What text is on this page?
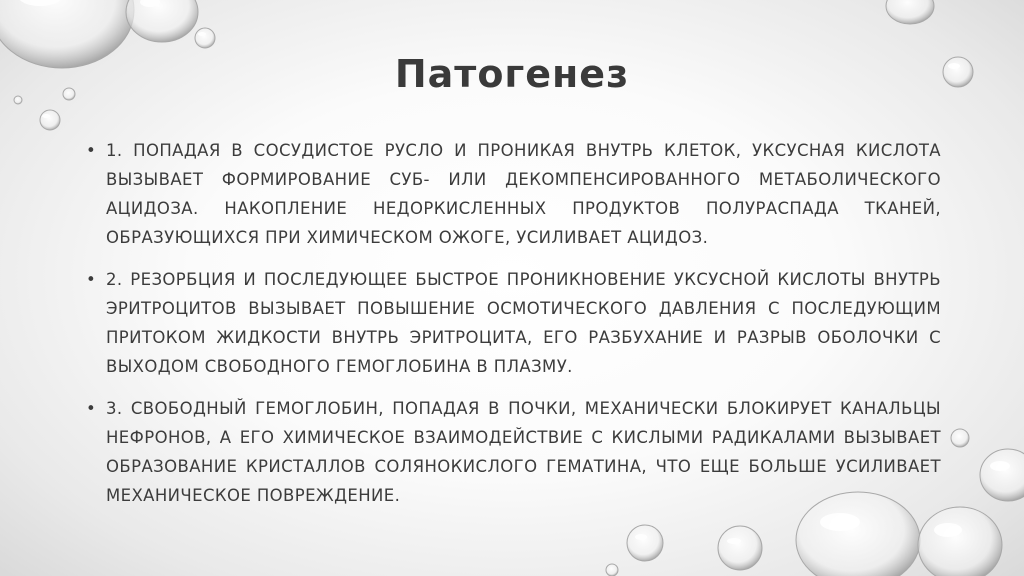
Патогенез
• 1. ПОПАДАЯ В СОСУДИСТОЕ РУСЛО И ПРОНИКАЯ ВНУТРЬ КЛЕТОК, УКСУСНАЯ КИСЛОТА ВЫЗЫВАЕТ ФОРМИРОВАНИЕ СУБ- ИЛИ ДЕКОМПЕНСИРОВАННОГО МЕТАБОЛИЧЕСКОГО АЦИДОЗА. НАКОПЛЕНИЕ НЕДОРКИСЛЕННЫХ ПРОДУКТОВ ПОЛУРАСПАДА ТКАНЕЙ, ОБРАЗУЮЩИХСЯ ПРИ ХИМИЧЕСКОМ ОЖОГЕ, УСИЛИВАЕТ АЦИДОЗ.
• 2. РЕЗОРБЦИЯ И ПОСЛЕДУЮЩЕЕ БЫСТРОЕ ПРОНИКНОВЕНИЕ УКСУСНОЙ КИСЛОТЫ ВНУТРЬ ЭРИТРОЦИТОВ ВЫЗЫВАЕТ ПОВЫШЕНИЕ ОСМОТИЧЕСКОГО ДАВЛЕНИЯ С ПОСЛЕДУЮЩИМ ПРИТОКОМ ЖИДКОСТИ ВНУТРЬ ЭРИТРОЦИТА, ЕГО РАЗБУХАНИЕ И РАЗРЫВ ОБОЛОЧКИ С ВЫХОДОМ СВОБОДНОГО ГЕМОГЛОБИНА В ПЛАЗМУ.
• 3. СВОБОДНЫЙ ГЕМОГЛОБИН, ПОПАДАЯ В ПОЧКИ, МЕХАНИЧЕСКИ БЛОКИРУЕТ КАНАЛЬЦЫ НЕФРОНОВ, А ЕГО ХИМИЧЕСКОЕ ВЗАИМОДЕЙСТВИЕ С КИСЛЫМИ РАДИКАЛАМИ ВЫЗЫВАЕТ ОБРАЗОВАНИЕ КРИСТАЛЛОВ СОЛЯНОКИСЛОГО ГЕМАТИНА, ЧТО ЕЩЕ БОЛЬШЕ УСИЛИВАЕТ МЕХАНИЧЕСКОЕ ПОВРЕЖДЕНИЕ.
